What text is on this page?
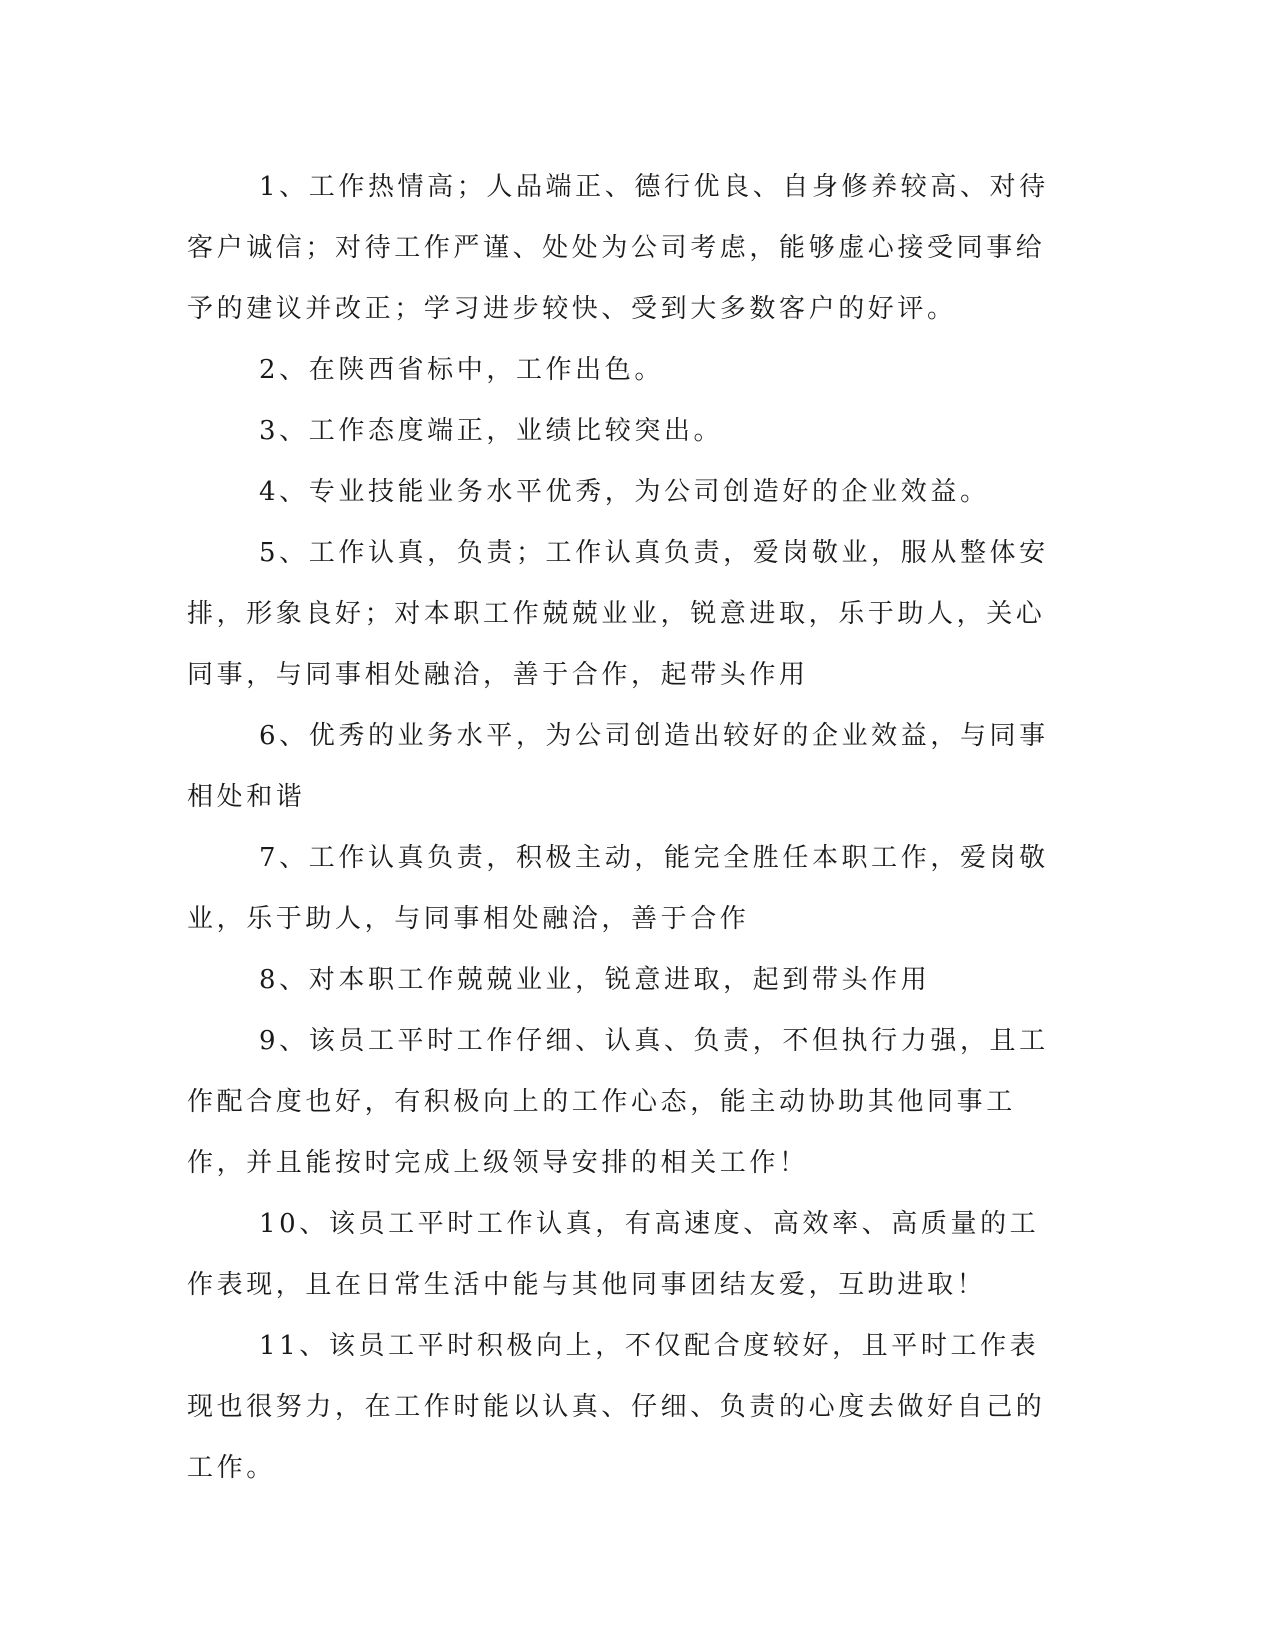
1、工作热情高；人品端正、德行优良、自身修养较高、对待客户诚信；对待工作严谨、处处为公司考虑，能够虚心接受同事给予的建议并改正；学习进步较快、受到大多数客户的好评。

2、在陕西省标中，工作出色。

3、工作态度端正，业绩比较突出。

4、专业技能业务水平优秀，为公司创造好的企业效益。

5、工作认真，负责；工作认真负责，爱岗敬业，服从整体安排，形象良好；对本职工作兢兢业业，锐意进取，乐于助人，关心同事，与同事相处融洽，善于合作，起带头作用

6、优秀的业务水平，为公司创造出较好的企业效益，与同事相处和谐

7、工作认真负责，积极主动，能完全胜任本职工作，爱岗敬业，乐于助人，与同事相处融洽，善于合作

8、对本职工作兢兢业业，锐意进取，起到带头作用

9、该员工平时工作仔细、认真、负责，不但执行力强，且工作配合度也好，有积极向上的工作心态，能主动协助其他同事工作，并且能按时完成上级领导安排的相关工作！

10、该员工平时工作认真，有高速度、高效率、高质量的工作表现，且在日常生活中能与其他同事团结友爱，互助进取！

11、该员工平时积极向上，不仅配合度较好，且平时工作表现也很努力，在工作时能以认真、仔细、负责的心度去做好自己的工作。
